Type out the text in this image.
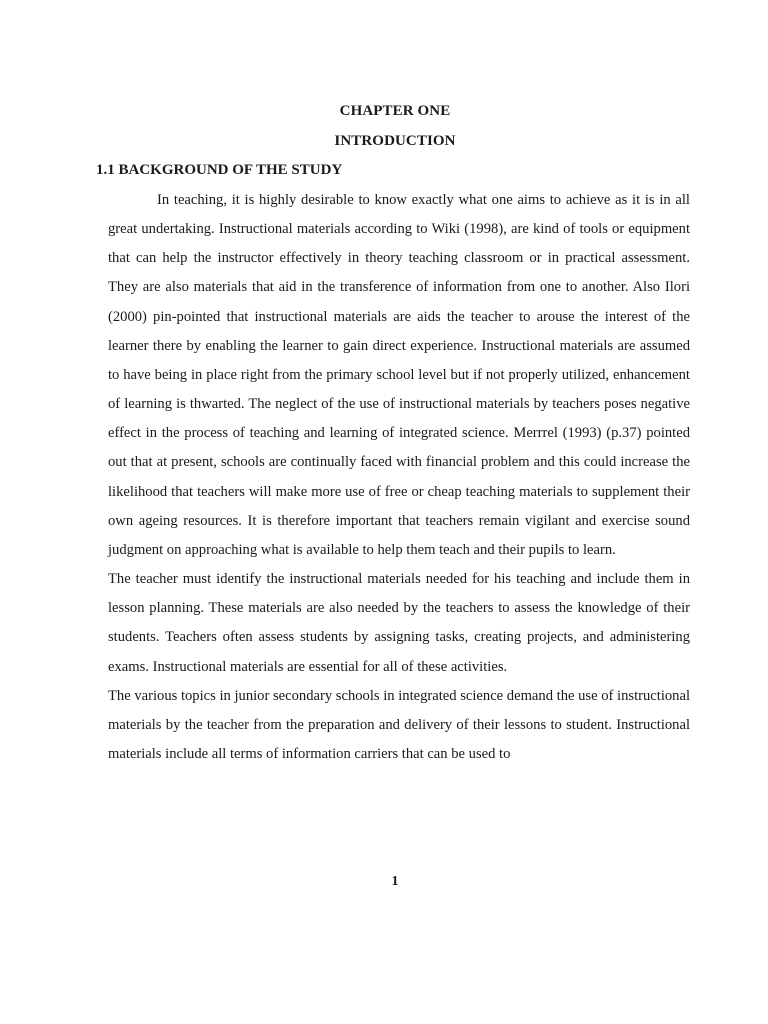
CHAPTER ONE
INTRODUCTION
1.1 BACKGROUND OF THE STUDY

In teaching, it is highly desirable to know exactly what one aims to achieve as it is in all great undertaking. Instructional materials according to Wiki (1998), are kind of tools or equipment that can help the instructor effectively in theory teaching classroom or in practical assessment. They are also materials that aid in the transference of information from one to another. Also Ilori (2000) pin-pointed that instructional materials are aids the teacher to arouse the interest of the learner there by enabling the learner to gain direct experience. Instructional materials are assumed to have being in place right from the primary school level but if not properly utilized, enhancement of learning is thwarted. The neglect of the use of instructional materials by teachers poses negative effect in the process of teaching and learning of integrated science. Merrrel (1993) (p.37) pointed out that at present, schools are continually faced with financial problem and this could increase the likelihood that teachers will make more use of free or cheap teaching materials to supplement their own ageing resources. It is therefore important that teachers remain vigilant and exercise sound judgment on approaching what is available to help them teach and their pupils to learn.

The teacher must identify the instructional materials needed for his teaching and include them in lesson planning. These materials are also needed by the teachers to assess the knowledge of their students. Teachers often assess students by assigning tasks, creating projects, and administering exams. Instructional materials are essential for all of these activities.

The various topics in junior secondary schools in integrated science demand the use of instructional materials by the teacher from the preparation and delivery of their lessons to student. Instructional materials include all terms of information carriers that can be used to

1
